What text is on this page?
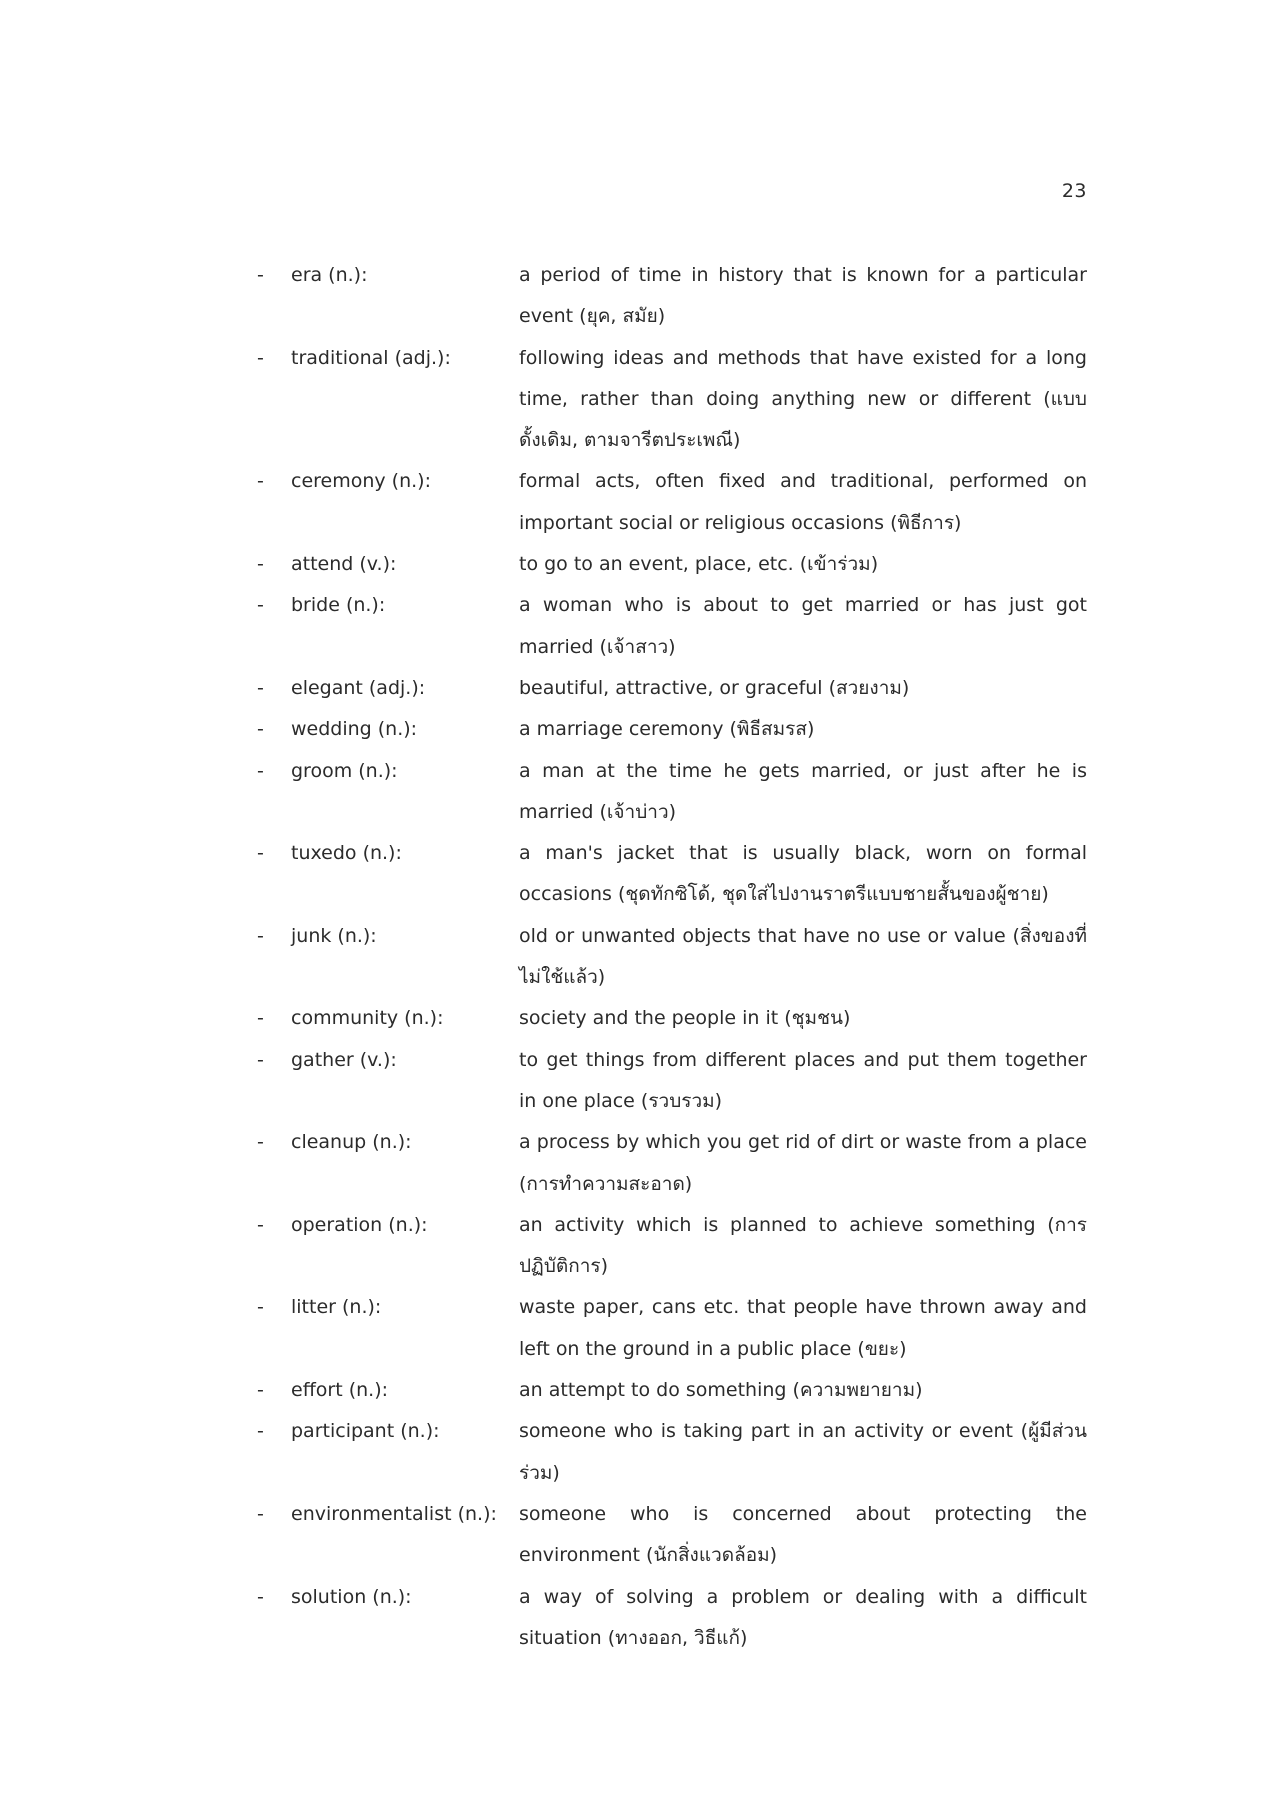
23
-	era (n.):	a period of time in history that is known for a particular event (ยุค, สมัย)
-	traditional (adj.):	following ideas and methods that have existed for a long time, rather than doing anything new or different (แบบดั้งเดิม, ตามจารีตประเพณี)
-	ceremony (n.):	formal acts, often fixed and traditional, performed on important social or religious occasions (พิธีการ)
-	attend (v.):	to go to an event, place, etc. (เข้าร่วม)
-	bride (n.):	a woman who is about to get married or has just got married (เจ้าสาว)
-	elegant (adj.):	beautiful, attractive, or graceful (สวยงาม)
-	wedding (n.):	a marriage ceremony (พิธีสมรส)
-	groom (n.):	a man at the time he gets married, or just after he is married (เจ้าบ่าว)
-	tuxedo (n.):	a man's jacket that is usually black, worn on formal occasions (ชุดทักซิโด้, ชุดใส่ไปงานราตรีแบบชายสั้นของผู้ชาย)
-	junk (n.):	old or unwanted objects that have no use or value (สิ่งของที่ไม่ใช้แล้ว)
-	community (n.):	society and the people in it (ชุมชน)
-	gather (v.):	to get things from different places and put them together in one place (รวบรวม)
-	cleanup (n.):	a process by which you get rid of dirt or waste from a place (การทำความสะอาด)
-	operation (n.):	an activity which is planned to achieve something (การปฏิบัติการ)
-	litter (n.):	waste paper, cans etc. that people have thrown away and left on the ground in a public place (ขยะ)
-	effort (n.):	an attempt to do something (ความพยายาม)
-	participant (n.):	someone who is taking part in an activity or event (ผู้มีส่วนร่วม)
-	environmentalist (n.):	someone who is concerned about protecting the environment (นักสิ่งแวดล้อม)
-	solution (n.):	a way of solving a problem or dealing with a difficult situation (ทางออก, วิธีแก้)
